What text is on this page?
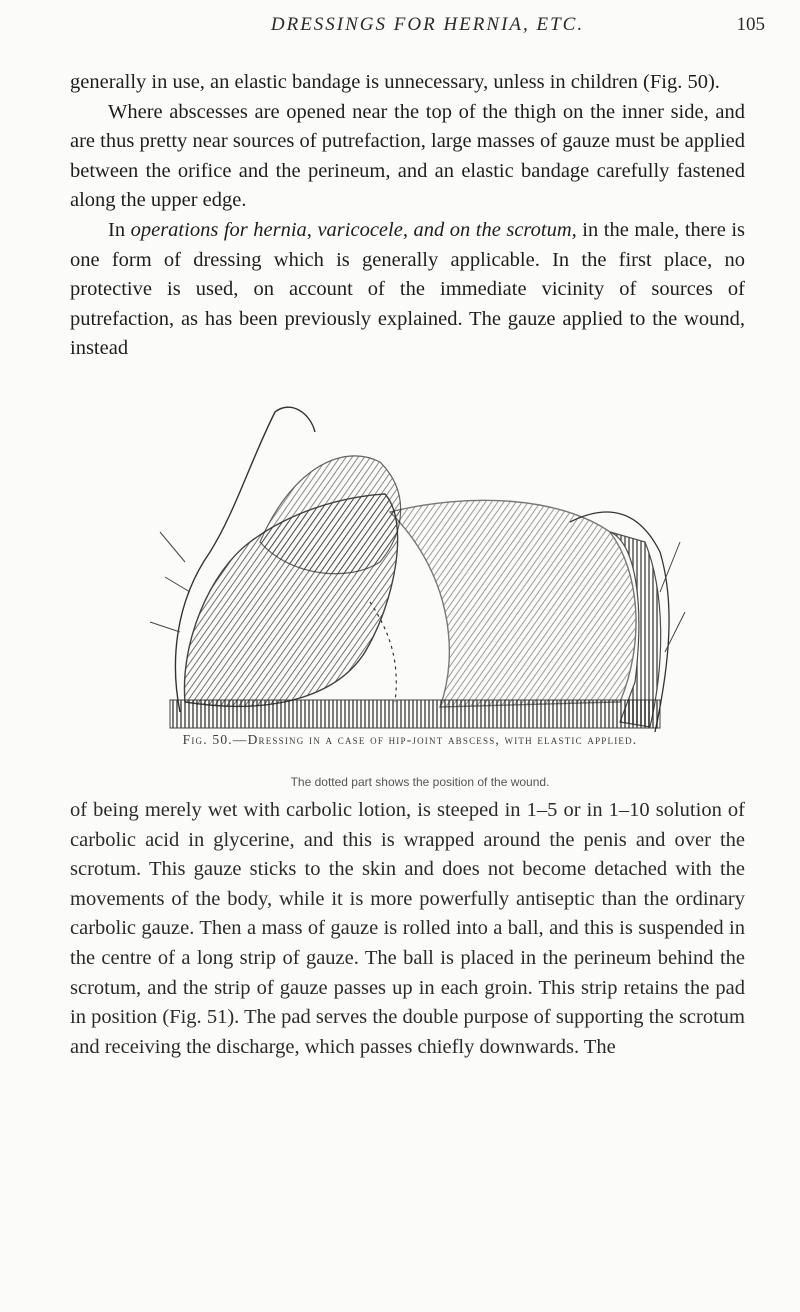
DRESSINGS FOR HERNIA, ETC.	105

generally in use, an elastic bandage is unnecessary, unless in children (Fig. 50).

Where abscesses are opened near the top of the thigh on the inner side, and are thus pretty near sources of putrefaction, large masses of gauze must be applied between the orifice and the perineum, and an elastic bandage carefully fastened along the upper edge.

In operations for hernia, varicocele, and on the scrotum, in the male, there is one form of dressing which is generally applicable. In the first place, no protective is used, on account of the immediate vicinity of sources of putrefaction, as has been previously explained. The gauze applied to the wound, instead

Fig. 50.—Dressing in a case of hip-joint abscess, with elastic applied.
The dotted part shows the position of the wound.

of being merely wet with carbolic lotion, is steeped in 1–5 or in 1–10 solution of carbolic acid in glycerine, and this is wrapped around the penis and over the scrotum. This gauze sticks to the skin and does not become detached with the movements of the body, while it is more powerfully antiseptic than the ordinary carbolic gauze. Then a mass of gauze is rolled into a ball, and this is suspended in the centre of a long strip of gauze. The ball is placed in the perineum behind the scrotum, and the strip of gauze passes up in each groin. This strip retains the pad in position (Fig. 51). The pad serves the double purpose of supporting the scrotum and receiving the discharge, which passes chiefly downwards. The
